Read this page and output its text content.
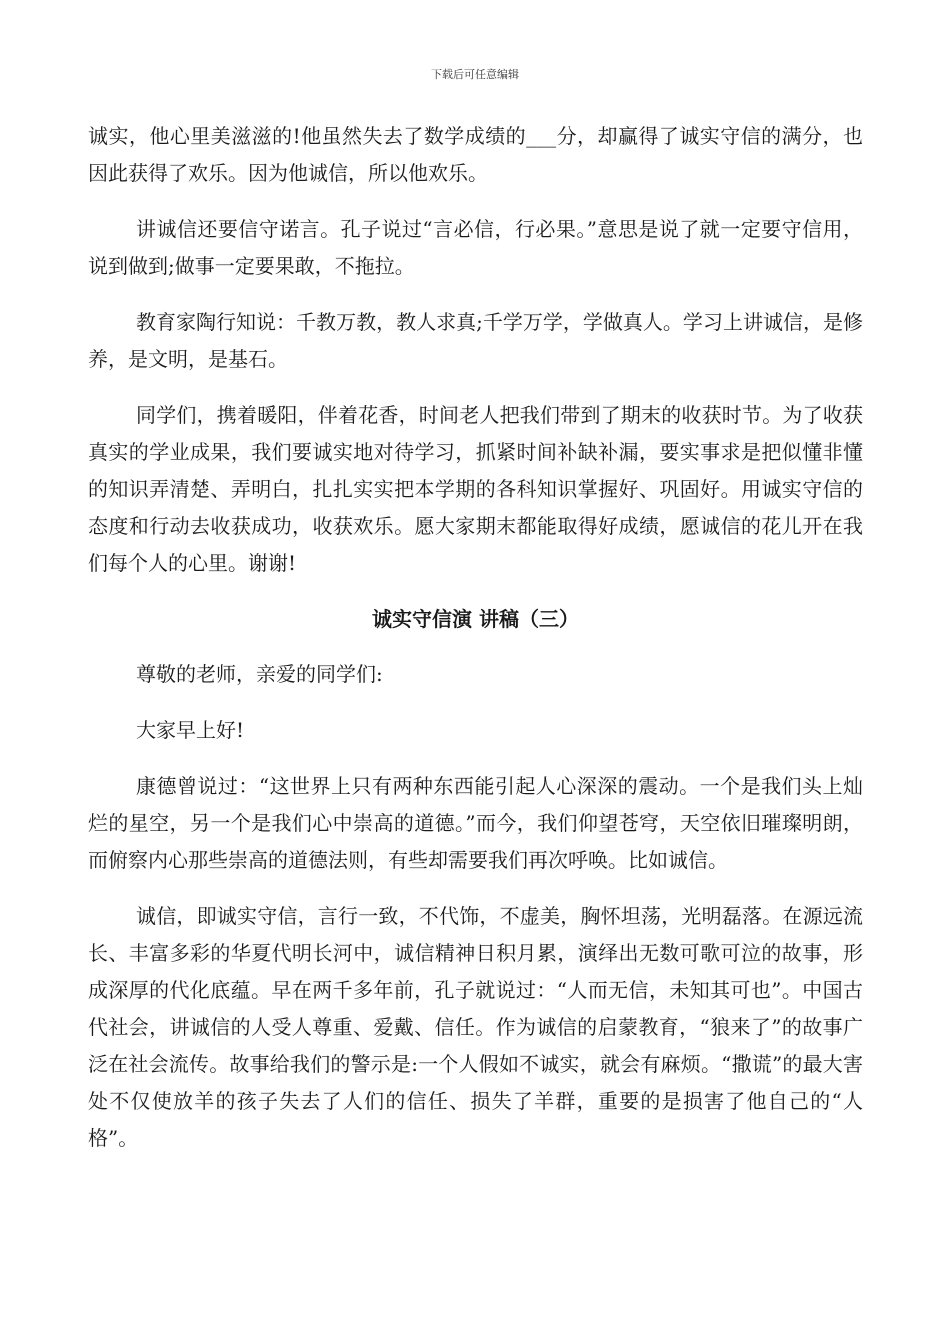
下载后可任意编辑

诚实，他心里美滋滋的!他虽然失去了数学成绩的___分，却赢得了诚实守信的满分，也因此获得了欢乐。因为他诚信，所以他欢乐。

讲诚信还要信守诺言。孔子说过“言必信，行必果。”意思是说了就一定要守信用，说到做到;做事一定要果敢，不拖拉。

教育家陶行知说：千教万教，教人求真;千学万学，学做真人。学习上讲诚信，是修养，是文明，是基石。

同学们，携着暖阳，伴着花香，时间老人把我们带到了期末的收获时节。为了收获真实的学业成果，我们要诚实地对待学习，抓紧时间补缺补漏，要实事求是把似懂非懂的知识弄清楚、弄明白，扎扎实实把本学期的各科知识掌握好、巩固好。用诚实守信的态度和行动去收获成功，收获欢乐。愿大家期末都能取得好成绩，愿诚信的花儿开在我们每个人的心里。谢谢!

诚实守信演 讲稿（三）

尊敬的老师，亲爱的同学们:

大家早上好!

康德曾说过：“这世界上只有两种东西能引起人心深深的震动。一个是我们头上灿烂的星空，另一个是我们心中崇高的道德。”而今，我们仰望苍穹，天空依旧璀璨明朗，而俯察内心那些崇高的道德法则，有些却需要我们再次呼唤。比如诚信。

诚信，即诚实守信，言行一致，不代饰，不虚美，胸怀坦荡，光明磊落。在源远流长、丰富多彩的华夏代明长河中，诚信精神日积月累，演绎出无数可歌可泣的故事，形成深厚的代化底蕴。早在两千多年前，孔子就说过：“人而无信，未知其可也”。中国古代社会，讲诚信的人受人尊重、爱戴、信任。作为诚信的启蒙教育，“狼来了”的故事广泛在社会流传。故事给我们的警示是:一个人假如不诚实，就会有麻烦。“撒谎”的最大害处不仅使放羊的孩子失去了人们的信任、损失了羊群，重要的是损害了他自己的“人格”。
